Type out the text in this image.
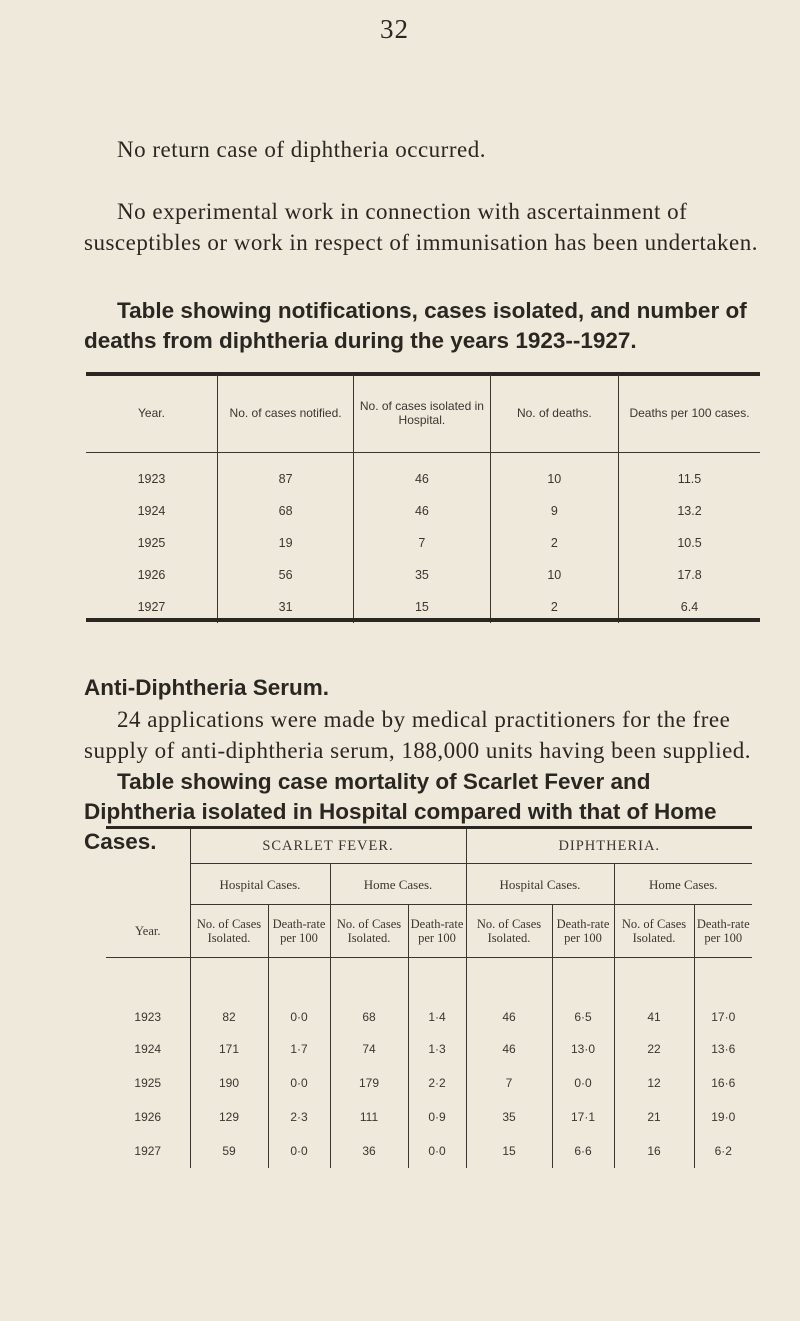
32
No return case of diphtheria occurred.
No experimental work in connection with ascertainment of susceptibles or work in respect of immunisation has been undertaken.
Table showing notifications, cases isolated, and number of deaths from diphtheria during the years 1923--1927.
Year.	No. of cases notified.	No. of cases isolated in Hospital.	No. of deaths.	Deaths per 100 cases.

1923	87	46	10	11.5
1924	68	46	9	13.2
1925	19	7	2	10.5
1926	56	35	10	17.8
1927	31	15	2	6.4
Anti-Diphtheria Serum.
24 applications were made by medical practitioners for the free supply of anti-diphtheria serum, 188,000 units having been supplied.
Table showing case mortality of Scarlet Fever and Diphtheria isolated in Hospital compared with that of Home Cases.
		SCARLET FEVER.				DIPHTHERIA.			
	Hospital Cases.		Home Cases.		Hospital Cases.		Home Cases.	
Year.	No. of Cases Isolated.	Death-rate per 100	No. of Cases Isolated.	Death-rate per 100	No. of Cases Isolated.	Death-rate per 100	No. of Cases Isolated.	Death-rate per 100
1923	82	0·0	68	1·4	46	6·5	41	17·0
1924	171	1·7	74	1·3	46	13·0	22	13·6
1925	190	0·0	179	2·2	7	0·0	12	16·6
1926	129	2·3	111	0·9	35	17·1	21	19·0
1927	59	0·0	36	0·0	15	6·6	16	6·2
